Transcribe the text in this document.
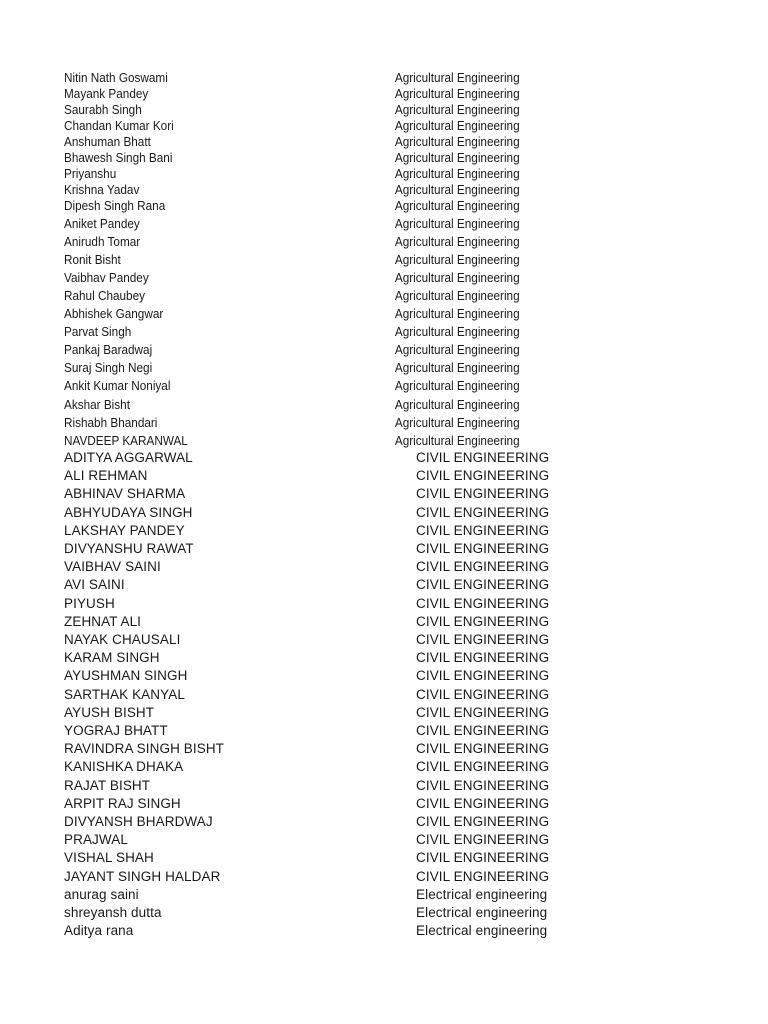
Nitin Nath Goswami	Agricultural Engineering
Mayank Pandey	Agricultural Engineering
Saurabh Singh	Agricultural Engineering
Chandan Kumar Kori	Agricultural Engineering
Anshuman Bhatt	Agricultural Engineering
Bhawesh Singh Bani	Agricultural Engineering
Priyanshu	Agricultural Engineering
Krishna Yadav	Agricultural Engineering
Dipesh Singh Rana	Agricultural Engineering
Aniket Pandey	Agricultural Engineering
Anirudh Tomar	Agricultural Engineering
Ronit Bisht	Agricultural Engineering
Vaibhav Pandey	Agricultural Engineering
Rahul Chaubey	Agricultural Engineering
Abhishek Gangwar	Agricultural Engineering
Parvat Singh	Agricultural Engineering
Pankaj Baradwaj	Agricultural Engineering
Suraj Singh Negi	Agricultural Engineering
Ankit Kumar Noniyal	Agricultural Engineering
Akshar Bisht	Agricultural Engineering
Rishabh Bhandari	Agricultural Engineering
NAVDEEP KARANWAL	Agricultural Engineering
ADITYA AGGARWAL	CIVIL ENGINEERING
ALI REHMAN	CIVIL ENGINEERING
ABHINAV SHARMA	CIVIL ENGINEERING
ABHYUDAYA SINGH	CIVIL ENGINEERING
LAKSHAY PANDEY	CIVIL ENGINEERING
DIVYANSHU RAWAT	CIVIL ENGINEERING
VAIBHAV SAINI	CIVIL ENGINEERING
AVI SAINI	CIVIL ENGINEERING
PIYUSH	CIVIL ENGINEERING
ZEHNAT ALI	CIVIL ENGINEERING
NAYAK CHAUSALI	CIVIL ENGINEERING
KARAM SINGH	CIVIL ENGINEERING
AYUSHMAN SINGH	CIVIL ENGINEERING
SARTHAK KANYAL	CIVIL ENGINEERING
AYUSH BISHT	CIVIL ENGINEERING
YOGRAJ BHATT	CIVIL ENGINEERING
RAVINDRA SINGH BISHT	CIVIL ENGINEERING
KANISHKA DHAKA	CIVIL ENGINEERING
RAJAT BISHT	CIVIL ENGINEERING
ARPIT RAJ SINGH	CIVIL ENGINEERING
DIVYANSH BHARDWAJ	CIVIL ENGINEERING
PRAJWAL	CIVIL ENGINEERING
VISHAL SHAH	CIVIL ENGINEERING
JAYANT SINGH HALDAR	CIVIL ENGINEERING
anurag saini	Electrical engineering
shreyansh dutta	Electrical engineering
Aditya rana	Electrical engineering
